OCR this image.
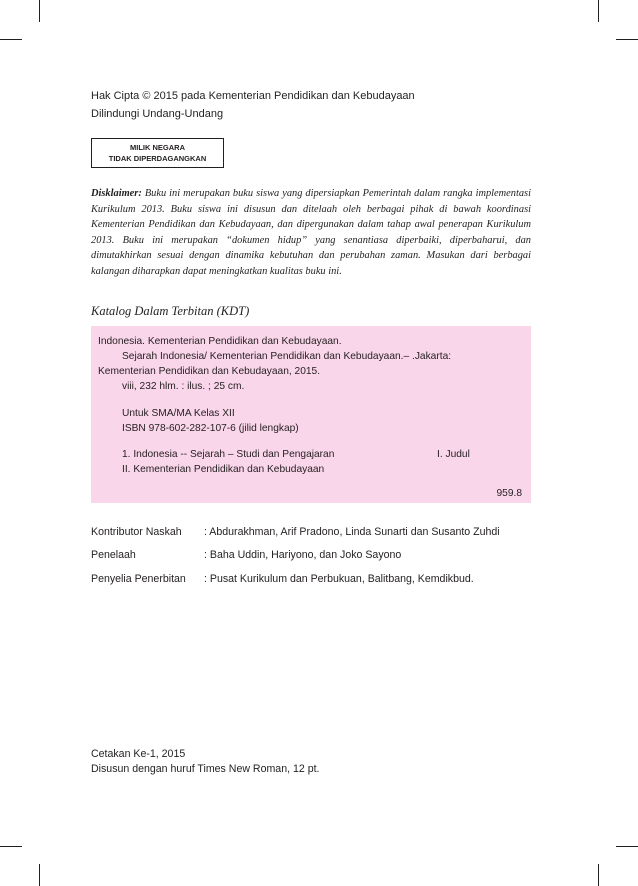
Hak Cipta © 2015 pada Kementerian Pendidikan dan Kebudayaan
Dilindungi Undang-Undang
MILIK NEGARA
TIDAK DIPERDAGANGKAN
Disklaimer: Buku ini merupakan buku siswa yang dipersiapkan Pemerintah dalam rangka implementasi Kurikulum 2013. Buku siswa ini disusun dan ditelaah oleh berbagai pihak di bawah koordinasi Kementerian Pendidikan dan Kebudayaan, dan dipergunakan dalam tahap awal penerapan Kurikulum 2013. Buku ini merupakan “dokumen hidup” yang senantiasa diperbaiki, diperbaharui, dan dimutakhirkan sesuai dengan dinamika kebutuhan dan perubahan zaman. Masukan dari berbagai kalangan diharapkan dapat meningkatkan kualitas buku ini.
Katalog Dalam Terbitan (KDT)
Indonesia. Kementerian Pendidikan dan Kebudayaan.
Sejarah Indonesia/ Kementerian Pendidikan dan Kebudayaan.– .Jakarta:
Kementerian Pendidikan dan Kebudayaan, 2015.
viii, 232 hlm. : ilus. ; 25 cm.
Untuk SMA/MA Kelas XII
ISBN 978-602-282-107-6 (jilid lengkap)
1. Indonesia -- Sejarah – Studi dan Pengajaran	I. Judul
II. Kementerian Pendidikan dan Kebudayaan
959.8
Kontributor Naskah : Abdurakhman, Arif Pradono, Linda Sunarti dan Susanto Zuhdi
Penelaah	: Baha Uddin, Hariyono, dan Joko Sayono
Penyelia Penerbitan : Pusat Kurikulum dan Perbukuan, Balitbang, Kemdikbud.
Cetakan Ke-1, 2015
Disusun dengan huruf Times New Roman, 12 pt.
